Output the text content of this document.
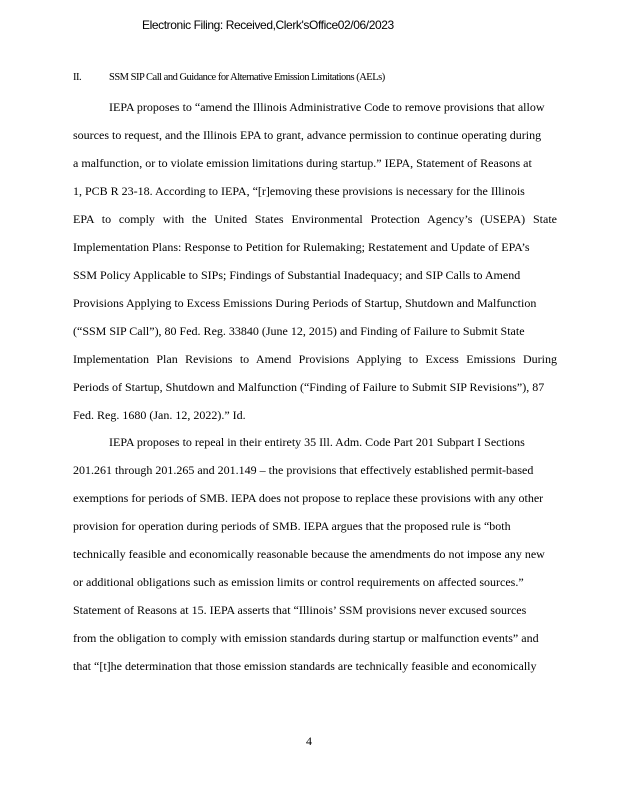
Electronic Filing: Received,Clerk'sOffice02/06/2023
II.	SSM SIP Call and Guidance for Alternative Emission Limitations (AELs)
IEPA proposes to “amend the Illinois Administrative Code to remove provisions that allow
sources to request, and the Illinois EPA to grant, advance permission to continue operating during
a malfunction, or to violate emission limitations during startup.” IEPA, Statement of Reasons at
1, PCB R 23-18. According to IEPA, “[r]emoving these provisions is necessary for the Illinois
EPA to comply with the United States Environmental Protection Agency’s (USEPA) State
Implementation Plans: Response to Petition for Rulemaking; Restatement and Update of EPA’s
SSM Policy Applicable to SIPs; Findings of Substantial Inadequacy; and SIP Calls to Amend
Provisions Applying to Excess Emissions During Periods of Startup, Shutdown and Malfunction
(“SSM SIP Call”), 80 Fed. Reg. 33840 (June 12, 2015) and Finding of Failure to Submit State
Implementation Plan Revisions to Amend Provisions Applying to Excess Emissions During
Periods of Startup, Shutdown and Malfunction (“Finding of Failure to Submit SIP Revisions”), 87
Fed. Reg. 1680 (Jan. 12, 2022).” Id.
IEPA proposes to repeal in their entirety 35 Ill. Adm. Code Part 201 Subpart I Sections
201.261 through 201.265 and 201.149 – the provisions that effectively established permit-based
exemptions for periods of SMB. IEPA does not propose to replace these provisions with any other
provision for operation during periods of SMB. IEPA argues that the proposed rule is “both
technically feasible and economically reasonable because the amendments do not impose any new
or additional obligations such as emission limits or control requirements on affected sources.”
Statement of Reasons at 15. IEPA asserts that “Illinois’ SSM provisions never excused sources
from the obligation to comply with emission standards during startup or malfunction events” and
that “[t]he determination that those emission standards are technically feasible and economically
4
